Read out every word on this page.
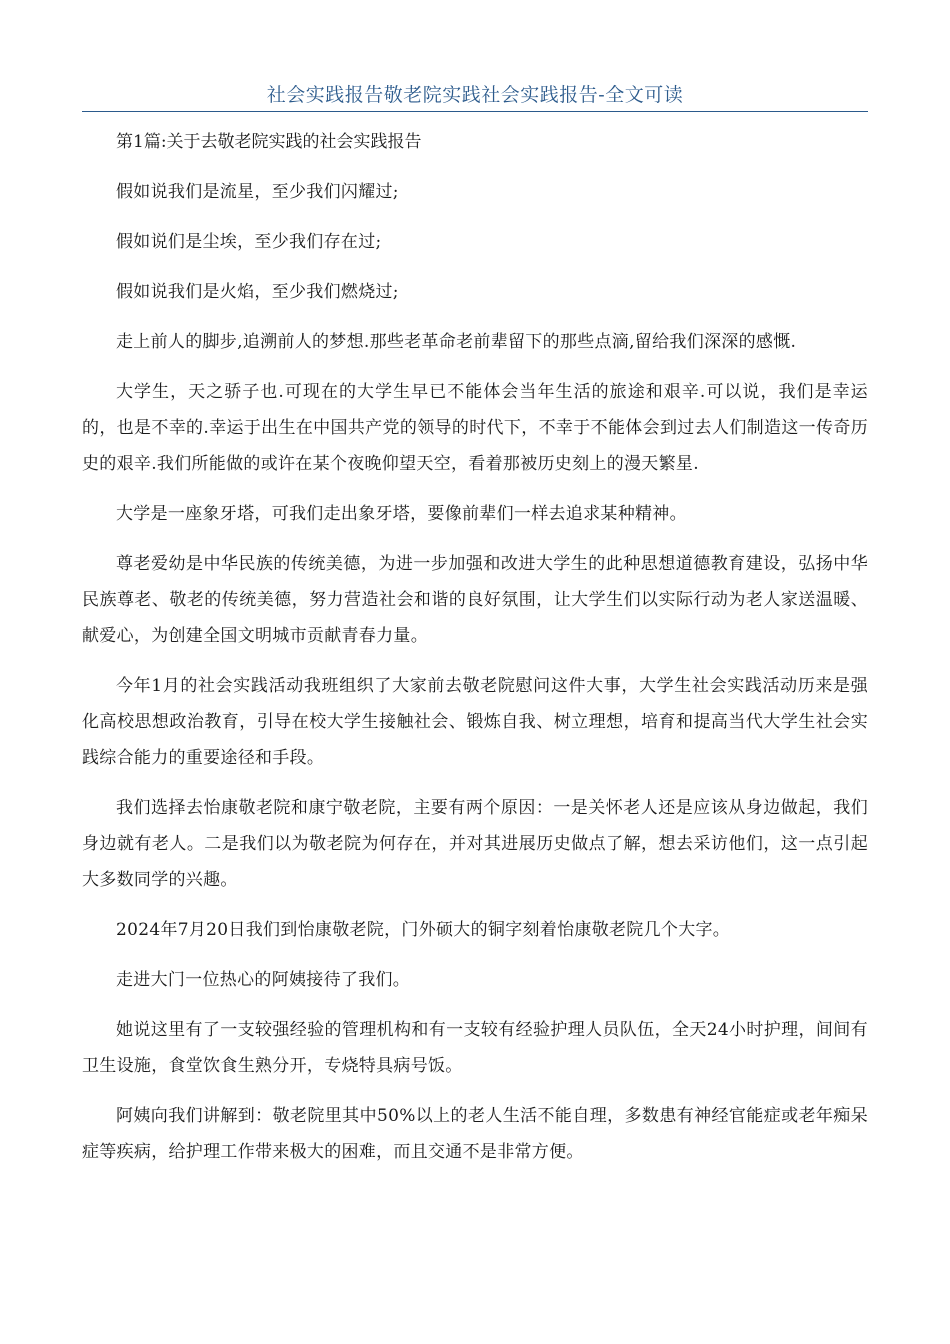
社会实践报告敬老院实践社会实践报告-全文可读

第1篇:关于去敬老院实践的社会实践报告

假如说我们是流星，至少我们闪耀过;

假如说们是尘埃，至少我们存在过;

假如说我们是火焰，至少我们燃烧过;

走上前人的脚步,追溯前人的梦想.那些老革命老前辈留下的那些点滴,留给我们深深的感慨.

大学生，天之骄子也.可现在的大学生早已不能体会当年生活的旅途和艰辛.可以说，我们是幸运的，也是不幸的.幸运于出生在中国共产党的领导的时代下，不幸于不能体会到过去人们制造这一传奇历史的艰辛.我们所能做的或许在某个夜晚仰望天空，看着那被历史刻上的漫天繁星.

大学是一座象牙塔，可我们走出象牙塔，要像前辈们一样去追求某种精神。

尊老爱幼是中华民族的传统美德，为进一步加强和改进大学生的此种思想道德教育建设，弘扬中华民族尊老、敬老的传统美德，努力营造社会和谐的良好氛围，让大学生们以实际行动为老人家送温暖、献爱心，为创建全国文明城市贡献青春力量。

今年1月的社会实践活动我班组织了大家前去敬老院慰问这件大事，大学生社会实践活动历来是强化高校思想政治教育，引导在校大学生接触社会、锻炼自我、树立理想，培育和提高当代大学生社会实践综合能力的重要途径和手段。

我们选择去怡康敬老院和康宁敬老院，主要有两个原因：一是关怀老人还是应该从身边做起，我们身边就有老人。二是我们以为敬老院为何存在，并对其进展历史做点了解，想去采访他们，这一点引起大多数同学的兴趣。

2024年7月20日我们到怡康敬老院，门外硕大的铜字刻着怡康敬老院几个大字。

走进大门一位热心的阿姨接待了我们。

她说这里有了一支较强经验的管理机构和有一支较有经验护理人员队伍，全天24小时护理，间间有卫生设施，食堂饮食生熟分开，专烧特具病号饭。

阿姨向我们讲解到：敬老院里其中50%以上的老人生活不能自理，多数患有神经官能症或老年痴呆症等疾病，给护理工作带来极大的困难，而且交通不是非常方便。
